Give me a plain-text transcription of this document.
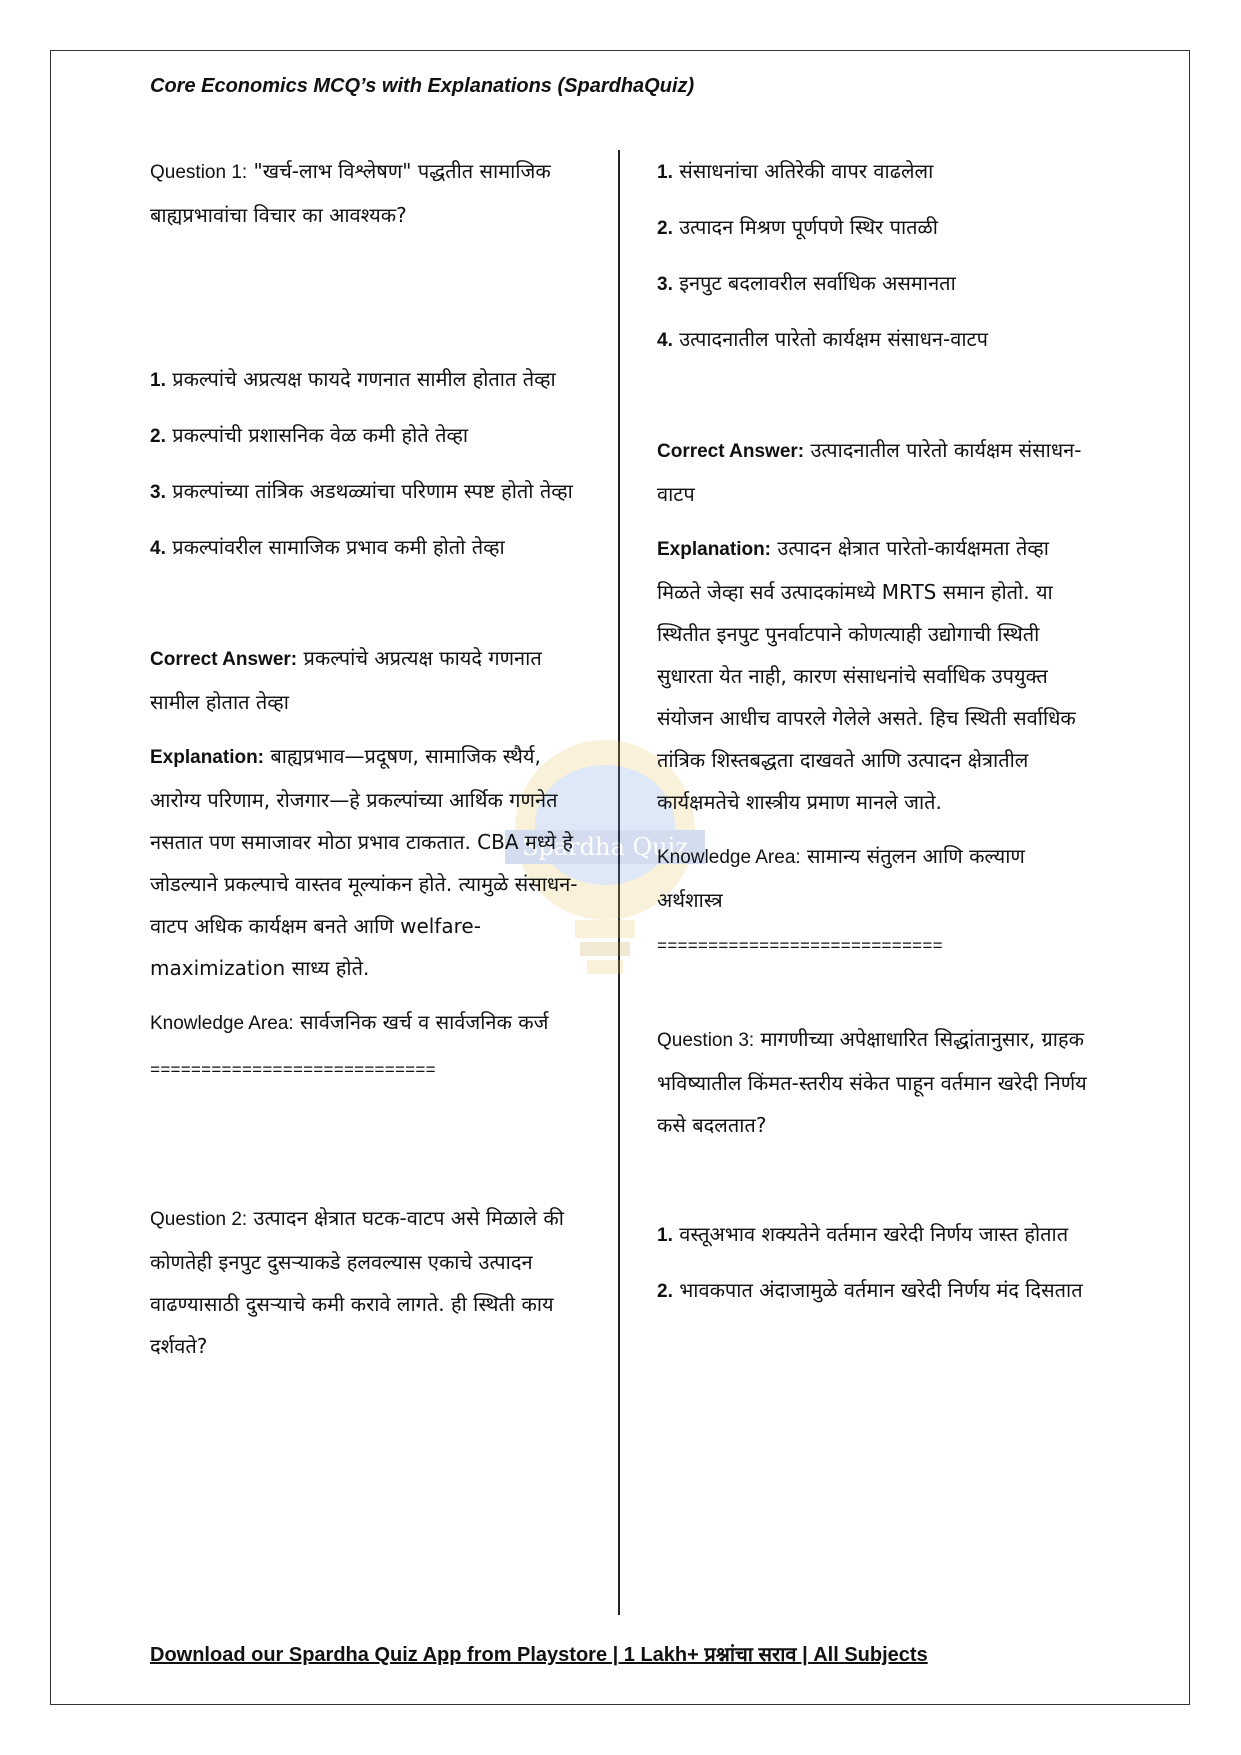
Core Economics MCQ’s with Explanations (SpardhaQuiz)
Spardha Quiz

Question 1: "खर्च-लाभ विश्लेषण" पद्धतीत सामाजिक बाह्यप्रभावांचा विचार का आवश्यक?

1. प्रकल्पांचे अप्रत्यक्ष फायदे गणनात सामील होतात तेव्हा

2. प्रकल्पांची प्रशासनिक वेळ कमी होते तेव्हा

3. प्रकल्पांच्या तांत्रिक अडथळ्यांचा परिणाम स्पष्ट होतो तेव्हा

4. प्रकल्पांवरील सामाजिक प्रभाव कमी होतो तेव्हा

Correct Answer: प्रकल्पांचे अप्रत्यक्ष फायदे गणनात सामील होतात तेव्हा

Explanation: बाह्यप्रभाव—प्रदूषण, सामाजिक स्थैर्य, आरोग्य परिणाम, रोजगार—हे प्रकल्पांच्या आर्थिक गणनेत नसतात पण समाजावर मोठा प्रभाव टाकतात. CBA मध्ये हे जोडल्याने प्रकल्पाचे वास्तव मूल्यांकन होते. त्यामुळे संसाधन-वाटप अधिक कार्यक्षम बनते आणि welfare-maximization साध्य होते.

Knowledge Area: सार्वजनिक खर्च व सार्वजनिक कर्ज

============================

Question 2: उत्पादन क्षेत्रात घटक-वाटप असे मिळाले की कोणतेही इनपुट दुसऱ्याकडे हलवल्यास एकाचे उत्पादन वाढण्यासाठी दुसऱ्याचे कमी करावे लागते. ही स्थिती काय दर्शवते?

1. संसाधनांचा अतिरेकी वापर वाढलेला

2. उत्पादन मिश्रण पूर्णपणे स्थिर पातळी

3. इनपुट बदलावरील सर्वाधिक असमानता

4. उत्पादनातील पारेतो कार्यक्षम संसाधन-वाटप

Correct Answer: उत्पादनातील पारेतो कार्यक्षम संसाधन-वाटप

Explanation: उत्पादन क्षेत्रात पारेतो-कार्यक्षमता तेव्हा मिळते जेव्हा सर्व उत्पादकांमध्ये MRTS समान होतो. या स्थितीत इनपुट पुनर्वाटपाने कोणत्याही उद्योगाची स्थिती सुधारता येत नाही, कारण संसाधनांचे सर्वाधिक उपयुक्त संयोजन आधीच वापरले गेलेले असते. हिच स्थिती सर्वाधिक तांत्रिक शिस्तबद्धता दाखवते आणि उत्पादन क्षेत्रातील कार्यक्षमतेचे शास्त्रीय प्रमाण मानले जाते.

Knowledge Area: सामान्य संतुलन आणि कल्याण अर्थशास्त्र

============================

Question 3: मागणीच्या अपेक्षाधारित सिद्धांतानुसार, ग्राहक भविष्यातील किंमत-स्तरीय संकेत पाहून वर्तमान खरेदी निर्णय कसे बदलतात?

1. वस्तूअभाव शक्यतेने वर्तमान खरेदी निर्णय जास्त होतात

2. भावकपात अंदाजामुळे वर्तमान खरेदी निर्णय मंद दिसतात

Download our Spardha Quiz App from Playstore | 1 Lakh+ प्रश्नांचा सराव | All Subjects
